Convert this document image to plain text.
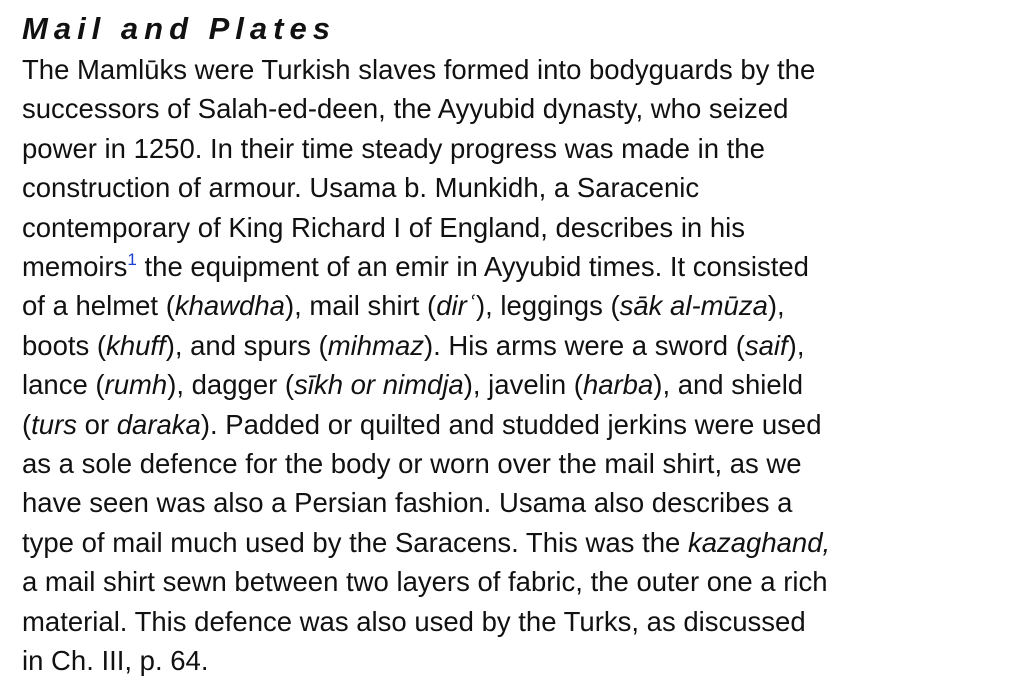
Mail and Plates

The Mamlūks were Turkish slaves formed into bodyguards by the
successors of Salah-ed-deen, the Ayyubid dynasty, who seized
power in 1250. In their time steady progress was made in the
construction of armour. Usama b. Munkidh, a Saracenic
contemporary of King Richard I of England, describes in his
memoirs$^1$ the equipment of an emir in Ayyubid times. It consisted
of a helmet (khawdha), mail shirt (dirʿ), leggings (sāk al-mūza),
boots (khuff), and spurs (mihmaz). His arms were a sword (saif),
lance (rumh), dagger (sīkh or nimdja), javelin (harba), and shield
(turs or daraka). Padded or quilted and studded jerkins were used
as a sole defence for the body or worn over the mail shirt, as we
have seen was also a Persian fashion. Usama also describes a
type of mail much used by the Saracens. This was the kazaghand,
a mail shirt sewn between two layers of fabric, the outer one a rich
material. This defence was also used by the Turks, as discussed
in Ch. III, p. 64.
